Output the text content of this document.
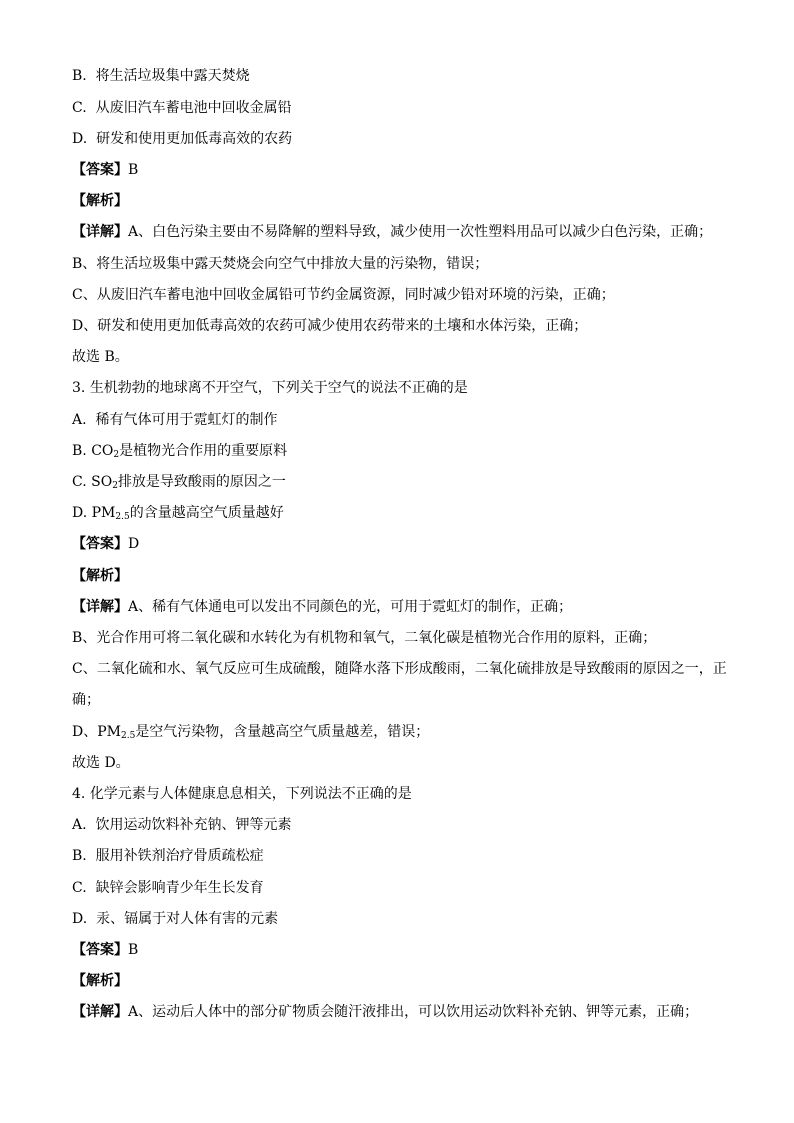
B. 将生活垃圾集中露天焚烧
C. 从废旧汽车蓄电池中回收金属铅
D. 研发和使用更加低毒高效的农药
【答案】B
【解析】
【详解】A、白色污染主要由不易降解的塑料导致，减少使用一次性塑料用品可以减少白色污染，正确；
B、将生活垃圾集中露天焚烧会向空气中排放大量的污染物，错误；
C、从废旧汽车蓄电池中回收金属铅可节约金属资源，同时减少铅对环境的污染，正确；
D、研发和使用更加低毒高效的农药可减少使用农药带来的土壤和水体污染，正确；
故选 B。
3. 生机勃勃的地球离不开空气，下列关于空气的说法不正确的是
A. 稀有气体可用于霓虹灯的制作
B. $CO_2$是植物光合作用的重要原料
C. $SO_2$排放是导致酸雨的原因之一
D. $PM_{2.5}$的含量越高空气质量越好
【答案】D
【解析】
【详解】A、稀有气体通电可以发出不同颜色的光，可用于霓虹灯的制作，正确；
B、光合作用可将二氧化碳和水转化为有机物和氧气，二氧化碳是植物光合作用的原料，正确；
C、二氧化硫和水、氧气反应可生成硫酸，随降水落下形成酸雨，二氧化硫排放是导致酸雨的原因之一，正
确；
D、$PM_{2.5}$是空气污染物，含量越高空气质量越差，错误；
故选 D。
4. 化学元素与人体健康息息相关，下列说法不正确的是
A. 饮用运动饮料补充钠、钾等元素
B. 服用补铁剂治疗骨质疏松症
C. 缺锌会影响青少年生长发育
D. 汞、镉属于对人体有害的元素
【答案】B
【解析】
【详解】A、运动后人体中的部分矿物质会随汗液排出，可以饮用运动饮料补充钠、钾等元素，正确；
